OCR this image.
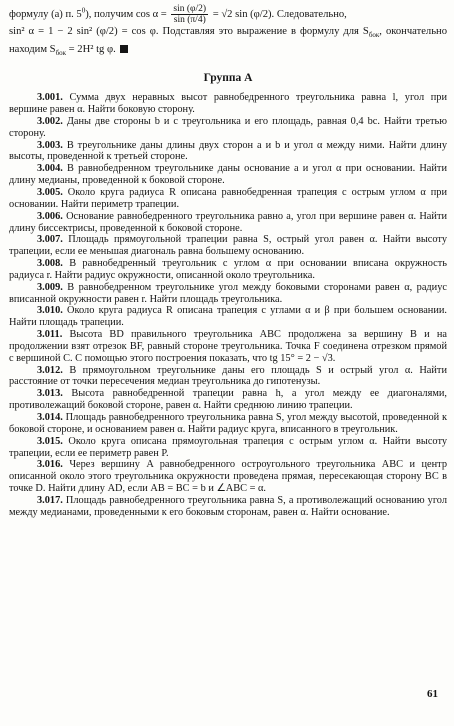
формулу (а) п. $5^0$), получим $\cos \alpha = \frac{\sin (\varphi/2)}{\sin (\pi/4)} = √2$ sin (φ/2). Следовательно,

sin² α = 1 − 2 sin² (φ/2) = cos φ. Подставляя это выражение в формулу для $S_{бок}$, окончательно находим $S_{бок} = 2H^2$ tg φ.

Группа А

3.001. Сумма двух неравных высот равнобедренного треугольника равна l, угол при вершине равен α. Найти боковую сторону.

3.002. Даны две стороны b и c треугольника и его площадь, равная 0,4 bc. Найти третью сторону.

3.003. В треугольнике даны длины двух сторон a и b и угол α между ними. Найти длину высоты, проведенной к третьей стороне.

3.004. В равнобедренном треугольнике даны основание a и угол α при основании. Найти длину медианы, проведенной к боковой стороне.

3.005. Около круга радиуса R описана равнобедренная трапеция с острым углом α при основании. Найти периметр трапеции.

3.006. Основание равнобедренного треугольника равно a, угол при вершине равен α. Найти длину биссектрисы, проведенной к боковой стороне.

3.007. Площадь прямоугольной трапеции равна S, острый угол равен α. Найти высоту трапеции, если ее меньшая диагональ равна большему основанию.

3.008. В равнобедренный треугольник с углом α при основании вписана окружность радиуса r. Найти радиус окружности, описанной около треугольника.

3.009. В равнобедренном треугольнике угол между боковыми сторонами равен α, радиус вписанной окружности равен r. Найти площадь треугольника.

3.010. Около круга радиуса R описана трапеция с углами α и β при большем основании. Найти площадь трапеции.

3.011. Высота BD правильного треугольника ABC продолжена за вершину B и на продолжении взят отрезок BF, равный стороне треугольника. Точка F соединена отрезком прямой с вершиной C. С помощью этого построения показать, что tg 15° = 2 − √3.

3.012. В прямоугольном треугольнике даны его площадь S и острый угол α. Найти расстояние от точки пересечения медиан треугольника до гипотенузы.

3.013. Высота равнобедренной трапеции равна h, а угол между ее диагоналями, противолежащий боковой стороне, равен α. Найти среднюю линию трапеции.

3.014. Площадь равнобедренного треугольника равна S, угол между высотой, проведенной к боковой стороне, и основанием равен α. Найти радиус круга, вписанного в треугольник.

3.015. Около круга описана прямоугольная трапеция с острым углом α. Найти высоту трапеции, если ее периметр равен P.

3.016. Через вершину A равнобедренного остроугольного треугольника ABC и центр описанной около этого треугольника окружности проведена прямая, пересекающая сторону BC в точке D. Найти длину AD, если AB = BC = b и ∠ABC = α.

3.017. Площадь равнобедренного треугольника равна S, а противолежащий основанию угол между медианами, проведенными к его боковым сторонам, равен α. Найти основание.

61
